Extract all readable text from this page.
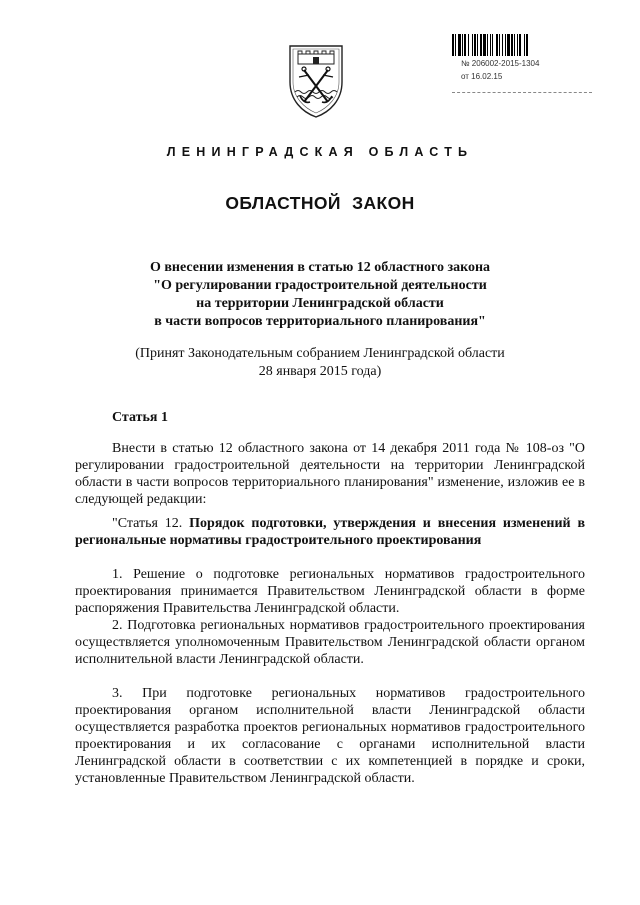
№ 206002-2015-1304
от 16.02.15
ЛЕНИНГРАДСКАЯ ОБЛАСТЬ
ОБЛАСТНОЙ ЗАКОН
О внесении изменения в статью 12 областного закона
"О регулировании градостроительной деятельности
на территории Ленинградской области
в части вопросов территориального планирования"
(Принят Законодательным собранием Ленинградской области
28 января 2015 года)
Статья 1

Внести в статью 12 областного закона от 14 декабря 2011 года № 108-оз "О регулировании градостроительной деятельности на территории Ленинградской области в части вопросов территориального планирования" изменение, изложив ее в следующей редакции:

"Статья 12. Порядок подготовки, утверждения и внесения изменений в региональные нормативы градостроительного проектирования

1. Решение о подготовке региональных нормативов градостроительного проектирования принимается Правительством Ленинградской области в форме распоряжения Правительства Ленинградской области.

2. Подготовка региональных нормативов градостроительного проектирования осуществляется уполномоченным Правительством Ленинградской области органом исполнительной власти Ленинградской области.

3. При подготовке региональных нормативов градостроительного проектирования органом исполнительной власти Ленинградской области осуществляется разработка проектов региональных нормативов градостроительного проектирования и их согласование с органами исполнительной власти Ленинградской области в соответствии с их компетенцией в порядке и сроки, установленные Правительством Ленинградской области.
